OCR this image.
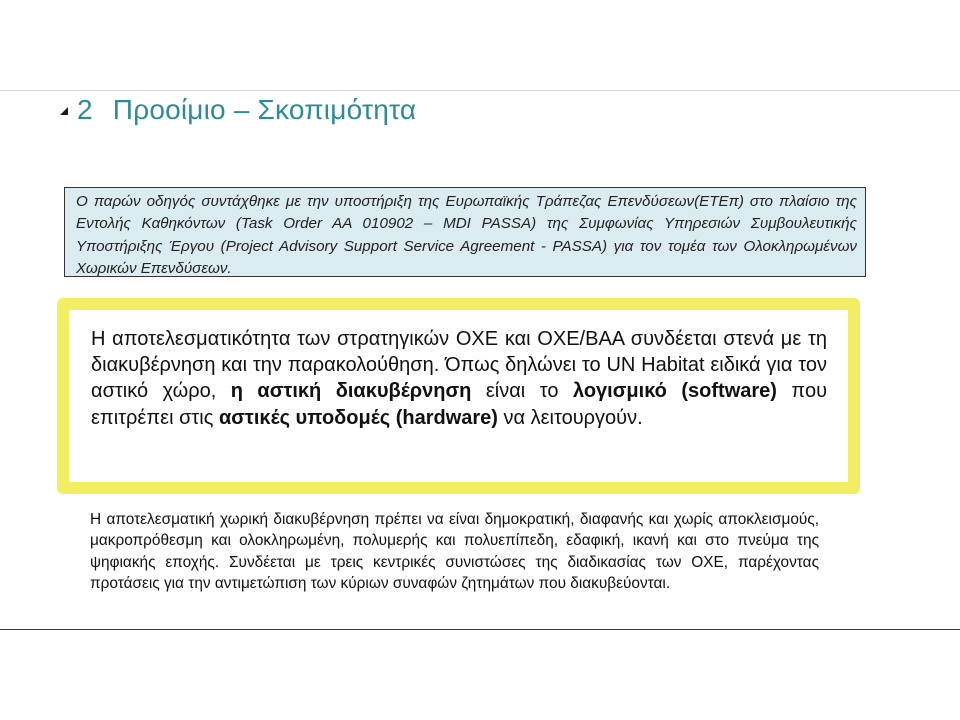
2 Προοίμιο – Σκοπιμότητα

Ο παρών οδηγός συντάχθηκε με την υποστήριξη της Ευρωπαϊκής Τράπεζας Επενδύσεων(ΕΤΕπ) στο πλαίσιο της Εντολής Καθηκόντων (Task Order AA 010902 – MDI PASSA) της Συμφωνίας Υπηρεσιών Συμβουλευτικής Υποστήριξης Έργου (Project Advisory Support Service Agreement - PASSA) για τον τομέα των Ολοκληρωμένων Χωρικών Επενδύσεων.

Η αποτελεσματικότητα των στρατηγικών ΟΧΕ και ΟΧΕ/ΒΑΑ συνδέεται στενά με τη διακυβέρνηση και την παρακολούθηση. Όπως δηλώνει το UN Habitat ειδικά για τον αστικό χώρο, η αστική διακυβέρνηση είναι το λογισμικό (software) που επιτρέπει στις αστικές υποδομές (hardware) να λειτουργούν.

Η αποτελεσματική χωρική διακυβέρνηση πρέπει να είναι δημοκρατική, διαφανής και χωρίς αποκλεισμούς, μακροπρόθεσμη και ολοκληρωμένη, πολυμερής και πολυεπίπεδη, εδαφική, ικανή και στο πνεύμα της ψηφιακής εποχής. Συνδέεται με τρεις κεντρικές συνιστώσες της διαδικασίας των ΟΧΕ, παρέχοντας προτάσεις για την αντιμετώπιση των κύριων συναφών ζητημάτων που διακυβεύονται.
